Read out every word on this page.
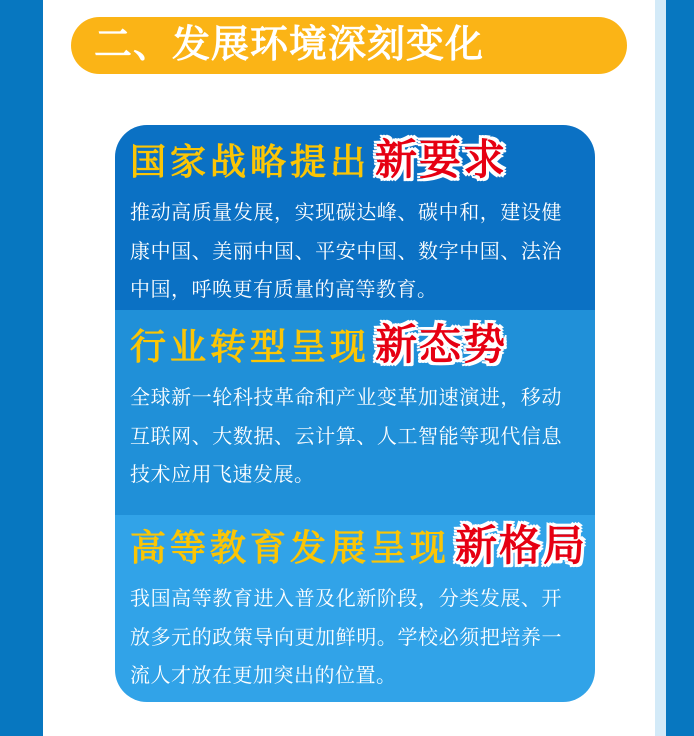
二、发展环境深刻变化
国家战略提出 新要求

推动高质量发展，实现碳达峰、碳中和，建设健康中国、美丽中国、平安中国、数字中国、法治中国，呼唤更有质量的高等教育。

行业转型呈现 新态势

全球新一轮科技革命和产业变革加速演进，移动互联网、大数据、云计算、人工智能等现代信息技术应用飞速发展。

高等教育发展呈现 新格局

我国高等教育进入普及化新阶段，分类发展、开放多元的政策导向更加鲜明。学校必须把培养一流人才放在更加突出的位置。
